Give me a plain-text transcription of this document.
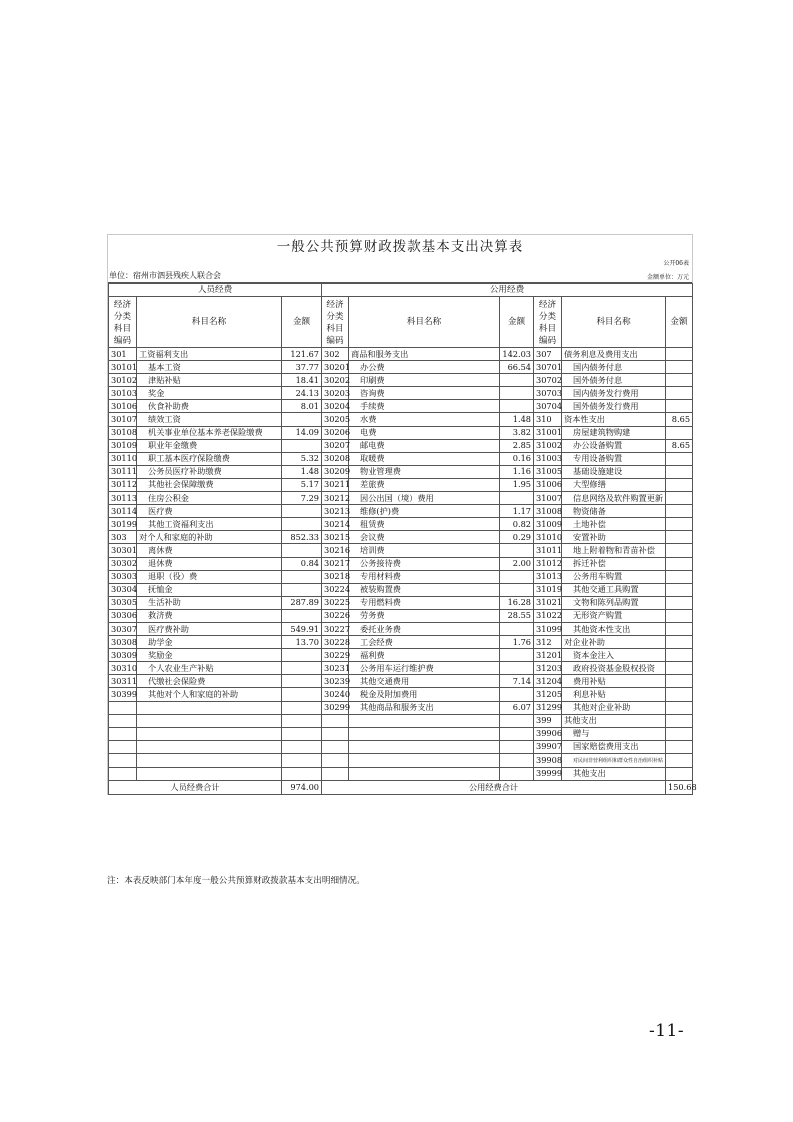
一般公共预算财政拨款基本支出决算表
公开06表
单位：宿州市泗县残疾人联合会	金额单位：万元
人员经费			公用经费					
经济分类科目编码	科目名称	金额	经济分类科目编码	科目名称	金额	经济分类科目编码	科目名称	金额
301	工资福利支出	121.67	302	商品和服务支出	142.03	307	债务利息及费用支出	
30101	基本工资	37.77	30201	办公费	66.54	30701	国内债务付息	
30102	津贴补贴	18.41	30202	印刷费		30702	国外债务付息	
30103	奖金	24.13	30203	咨询费		30703	国内债务发行费用	
30106	伙食补助费	8.01	30204	手续费		30704	国外债务发行费用	
30107	绩效工资		30205	水费	1.48	310	资本性支出	8.65
30108	机关事业单位基本养老保险缴费	14.09	30206	电费	3.82	31001	房屋建筑物购建	
30109	职业年金缴费		30207	邮电费	2.85	31002	办公设备购置	8.65
30110	职工基本医疗保险缴费	5.32	30208	取暖费	0.16	31003	专用设备购置	
30111	公务员医疗补助缴费	1.48	30209	物业管理费	1.16	31005	基础设施建设	
30112	其他社会保障缴费	5.17	30211	差旅费	1.95	31006	大型修缮	
30113	住房公积金	7.29	30212	因公出国（境）费用		31007	信息网络及软件购置更新	
30114	医疗费		30213	维修(护)费	1.17	31008	物资储备	
30199	其他工资福利支出		30214	租赁费	0.82	31009	土地补偿	
303	对个人和家庭的补助	852.33	30215	会议费	0.29	31010	安置补助	
30301	离休费		30216	培训费		31011	地上附着物和青苗补偿	
30302	退休费	0.84	30217	公务接待费	2.00	31012	拆迁补偿	
30303	退职（役）费		30218	专用材料费		31013	公务用车购置	
30304	抚恤金		30224	被装购置费		31019	其他交通工具购置	
30305	生活补助	287.89	30225	专用燃料费	16.28	31021	文物和陈列品购置	
30306	救济费		30226	劳务费	28.55	31022	无形资产购置	
30307	医疗费补助	549.91	30227	委托业务费		31099	其他资本性支出	
30308	助学金	13.70	30228	工会经费	1.76	312	对企业补助	
30309	奖励金		30229	福利费		31201	资本金注入	
30310	个人农业生产补贴		30231	公务用车运行维护费		31203	政府投资基金股权投资	
30311	代缴社会保险费		30239	其他交通费用	7.14	31204	费用补贴	
30399	其他对个人和家庭的补助		30240	税金及附加费用		31205	利息补贴	
			30299	其他商品和服务支出	6.07	31299	其他对企业补助	
						399	其他支出	
						39906	赠与	
						39907	国家赔偿费用支出	
						39908	对民间非营利组织和群众性自治组织补贴	
						39999	其他支出	
人员经费合计		974.00	公用经费合计					150.68
注：本表反映部门本年度一般公共预算财政拨款基本支出明细情况。
-11-
